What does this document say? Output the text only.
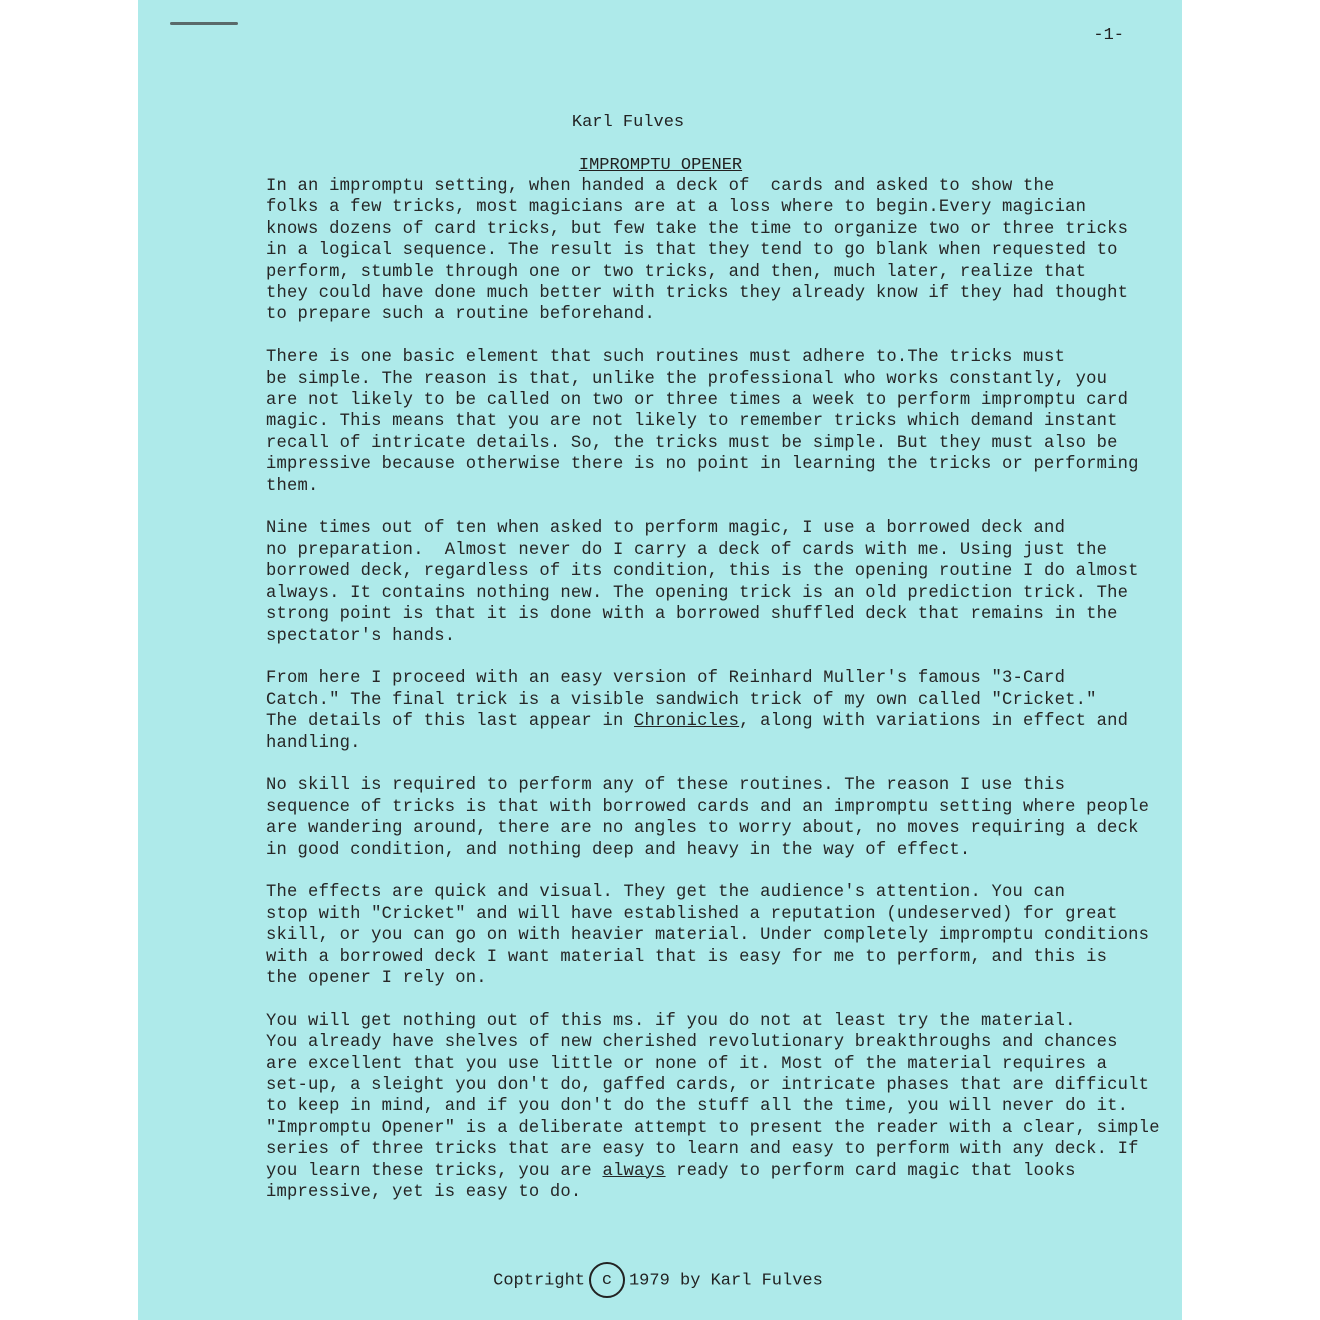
-1-
Karl Fulves
IMPROMPTU OPENER

In an impromptu setting, when handed a deck of  cards and asked to show the
folks a few tricks, most magicians are at a loss where to begin.Every magician
knows dozens of card tricks, but few take the time to organize two or three tricks
in a logical sequence. The result is that they tend to go blank when requested to
perform, stumble through one or two tricks, and then, much later, realize that
they could have done much better with tricks they already know if they had thought
to prepare such a routine beforehand.

There is one basic element that such routines must adhere to.The tricks must
be simple. The reason is that, unlike the professional who works constantly, you
are not likely to be called on two or three times a week to perform impromptu card
magic. This means that you are not likely to remember tricks which demand instant
recall of intricate details. So, the tricks must be simple. But they must also be
impressive because otherwise there is no point in learning the tricks or performing
them.

Nine times out of ten when asked to perform magic, I use a borrowed deck and
no preparation.  Almost never do I carry a deck of cards with me. Using just the
borrowed deck, regardless of its condition, this is the opening routine I do almost
always. It contains nothing new. The opening trick is an old prediction trick. The
strong point is that it is done with a borrowed shuffled deck that remains in the
spectator's hands.

From here I proceed with an easy version of Reinhard Muller's famous "3-Card
Catch." The final trick is a visible sandwich trick of my own called "Cricket."
The details of this last appear in Chronicles, along with variations in effect and
handling.

No skill is required to perform any of these routines. The reason I use this
sequence of tricks is that with borrowed cards and an impromptu setting where people
are wandering around, there are no angles to worry about, no moves requiring a deck
in good condition, and nothing deep and heavy in the way of effect.

The effects are quick and visual. They get the audience's attention. You can
stop with "Cricket" and will have established a reputation (undeserved) for great
skill, or you can go on with heavier material. Under completely impromptu conditions
with a borrowed deck I want material that is easy for me to perform, and this is
the opener I rely on.

You will get nothing out of this ms. if you do not at least try the material.
You already have shelves of new cherished revolutionary breakthroughs and chances
are excellent that you use little or none of it. Most of the material requires a
set-up, a sleight you don't do, gaffed cards, or intricate phases that are difficult
to keep in mind, and if you don't do the stuff all the time, you will never do it.
"Impromptu Opener" is a deliberate attempt to present the reader with a clear, simple
series of three tricks that are easy to learn and easy to perform with any deck. If
you learn these tricks, you are always ready to perform card magic that looks
impressive, yet is easy to do.

Coptright c 1979 by Karl Fulves
